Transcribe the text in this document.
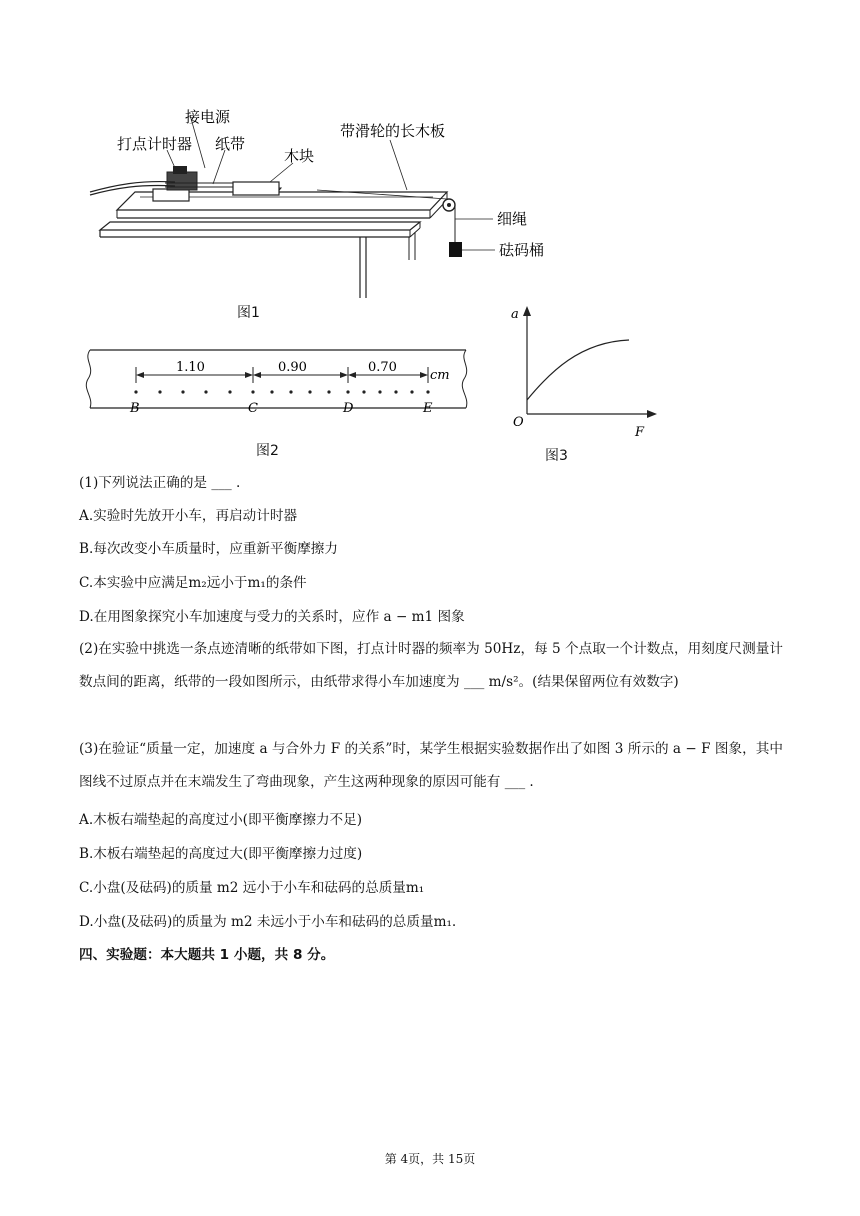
接电源
打点计时器 纸带
木块
带滑轮的长木板
细绳
砝码桶
图1
1.10	0.90	0.70
cm
B	C	D	E
图2
a
F
O
图3
(1)下列说法正确的是 ___ .
A.实验时先放开小车，再启动计时器
B.每次改变小车质量时，应重新平衡摩擦力
C.本实验中应满足m₂远小于m₁的条件
D.在用图象探究小车加速度与受力的关系时，应作 a − m1 图象
(2)在实验中挑选一条点迹清晰的纸带如下图，打点计时器的频率为 50Hz，每 5 个点取一个计数点，用刻度尺测量计数点间的距离，纸带的一段如图所示，由纸带求得小车加速度为 ___ m/s²。(结果保留两位有效数字)
(3)在验证“质量一定，加速度 a 与合外力 F 的关系”时，某学生根据实验数据作出了如图 3 所示的 a − F 图象，其中图线不过原点并在末端发生了弯曲现象，产生这两种现象的原因可能有 ___ .
A.木板右端垫起的高度过小(即平衡摩擦力不足)
B.木板右端垫起的高度过大(即平衡摩擦力过度)
C.小盘(及砝码)的质量 m2 远小于小车和砝码的总质量m₁
D.小盘(及砝码)的质量为 m2 未远小于小车和砝码的总质量m₁.
四、实验题：本大题共 1 小题，共 8 分。
第 4页，共 15页
